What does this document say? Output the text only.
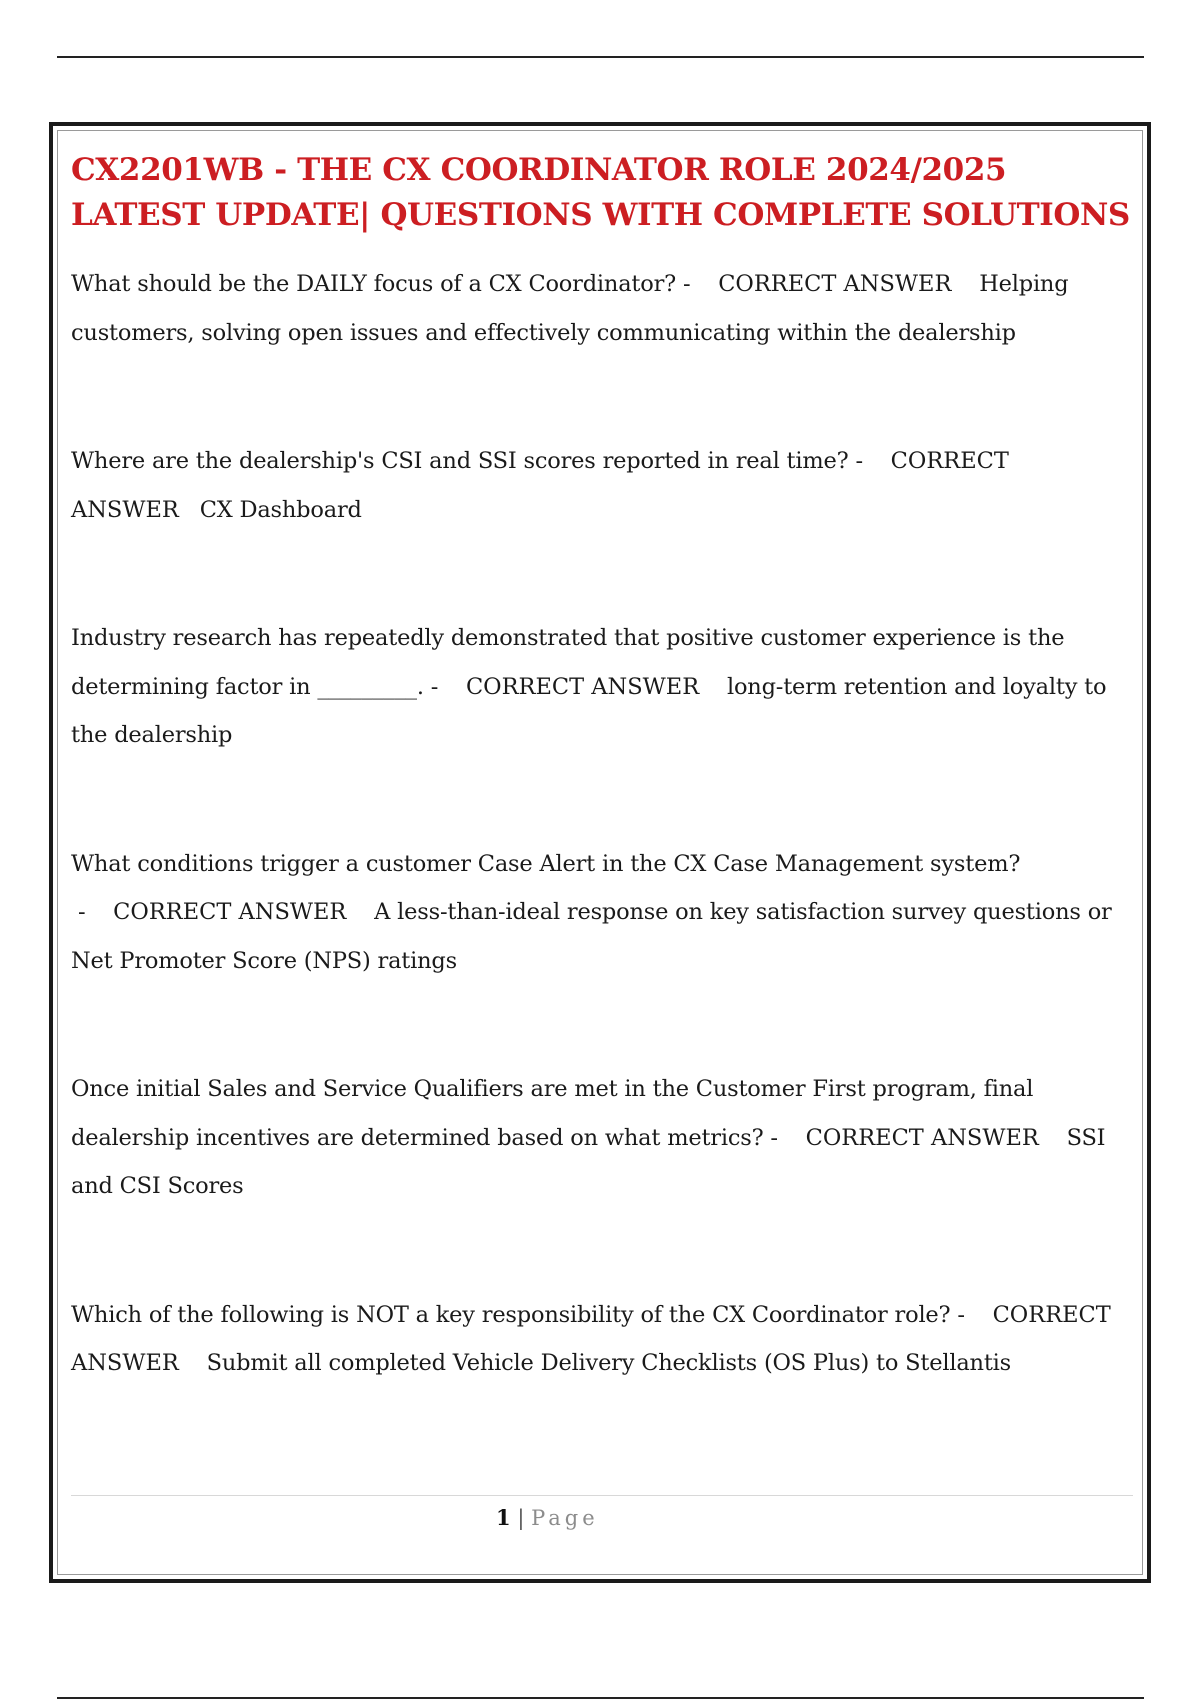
CX2201WB - THE CX COORDINATOR ROLE 2024/2025 LATEST UPDATE| QUESTIONS WITH COMPLETE SOLUTIONS

What should be the DAILY focus of a CX Coordinator? -    CORRECT ANSWER Helping customers, solving open issues and effectively communicating within the dealership

Where are the dealership's CSI and SSI scores reported in real time? -    CORRECT ANSWER CX Dashboard

Industry research has repeatedly demonstrated that positive customer experience is the determining factor in _________. -    CORRECT ANSWER long-term retention and loyalty to the dealership

What conditions trigger a customer Case Alert in the CX Case Management system? -    CORRECT ANSWER A less-than-ideal response on key satisfaction survey questions or Net Promoter Score (NPS) ratings

Once initial Sales and Service Qualifiers are met in the Customer First program, final dealership incentives are determined based on what metrics? -    CORRECT ANSWER SSI and CSI Scores

Which of the following is NOT a key responsibility of the CX Coordinator role? -    CORRECT ANSWER Submit all completed Vehicle Delivery Checklists (OS Plus) to Stellantis

1 | Page
